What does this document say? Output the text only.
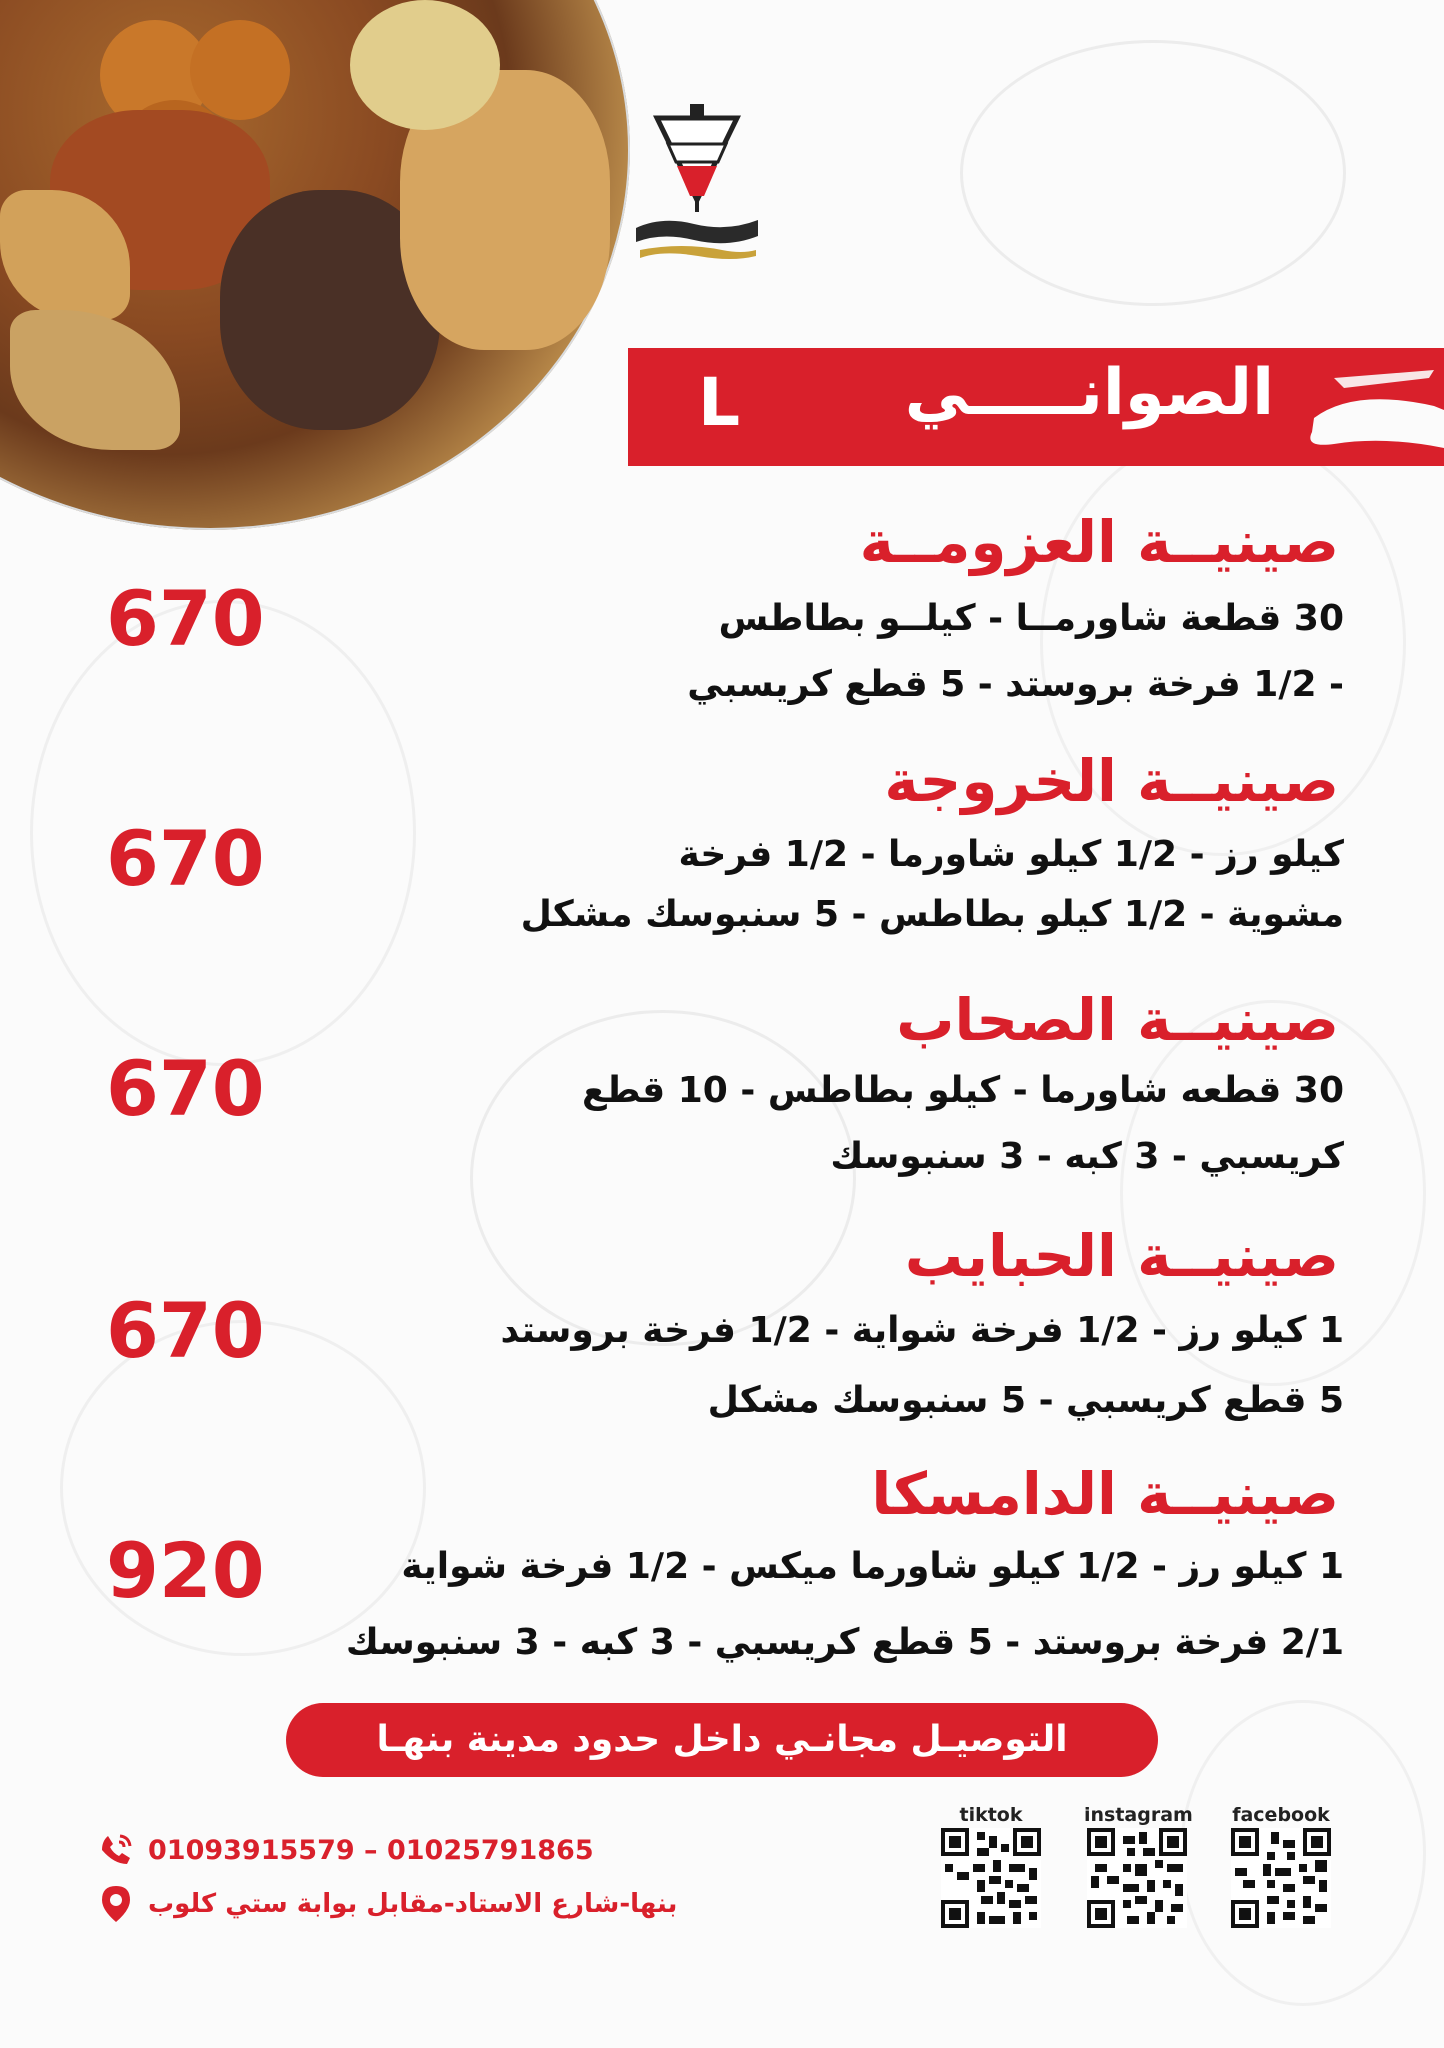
الصوانـــــي
L
صينيــة العزومــة
30 قطعة شاورمــا - كيلــو بطاطس
- 1/2 فرخة بروستد - 5 قطع كريسبي
670
صينيــة الخروجة
كيلو رز - 1/2 كيلو شاورما - 1/2 فرخة
مشوية - 1/2 كيلو بطاطس - 5 سنبوسك مشكل
670
صينيــة الصحاب
30 قطعه شاورما - كيلو بطاطس - 10 قطع
كريسبي - 3 كبه - 3 سنبوسك
670
صينيــة الحبايب
1 كيلو رز - 1/2 فرخة شواية - 1/2 فرخة بروستد
5 قطع كريسبي - 5 سنبوسك مشكل
670
صينيــة الدامسكا
1 كيلو رز - 1/2 كيلو شاورما ميكس - 1/2 فرخة شواية
2/1 فرخة بروستد - 5 قطع كريسبي - 3 كبه - 3 سنبوسك
920
التوصيـل مجانـي داخل حدود مدينة بنهـا
01093915579 – 01025791865
بنها-شارع الاستاد-مقابل بوابة ستي كلوب
tiktok	instagram facebook
